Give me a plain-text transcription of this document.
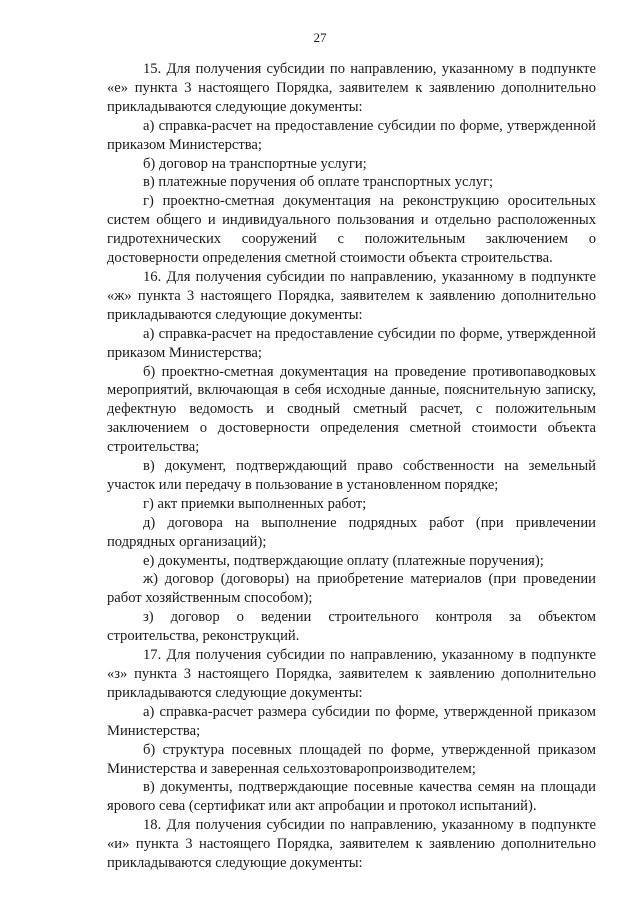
27

15. Для получения субсидии по направлению, указанному в подпункте «е» пункта 3 настоящего Порядка, заявителем к заявлению дополнительно прикладываются следующие документы:

а) справка-расчет на предоставление субсидии по форме, утвержденной приказом Министерства;

б) договор на транспортные услуги;

в) платежные поручения об оплате транспортных услуг;

г) проектно-сметная документация на реконструкцию оросительных систем общего и индивидуального пользования и отдельно расположенных гидротехнических сооружений с положительным заключением о достоверности определения сметной стоимости объекта строительства.

16. Для получения субсидии по направлению, указанному в подпункте «ж» пункта 3 настоящего Порядка, заявителем к заявлению дополнительно прикладываются следующие документы:

а) справка-расчет на предоставление субсидии по форме, утвержденной приказом Министерства;

б) проектно-сметная документация на проведение противопаводковых мероприятий, включающая в себя исходные данные, пояснительную записку, дефектную ведомость и сводный сметный расчет, с положительным заключением о достоверности определения сметной стоимости объекта строительства;

в) документ, подтверждающий право собственности на земельный участок или передачу в пользование в установленном порядке;

г) акт приемки выполненных работ;

д) договора на выполнение подрядных работ (при привлечении подрядных организаций);

е) документы, подтверждающие оплату (платежные поручения);

ж) договор (договоры) на приобретение материалов (при проведении работ хозяйственным способом);

з) договор о ведении строительного контроля за объектом строительства, реконструкций.

17. Для получения субсидии по направлению, указанному в подпункте «з» пункта 3 настоящего Порядка, заявителем к заявлению дополнительно прикладываются следующие документы:

а) справка-расчет размера субсидии по форме, утвержденной приказом Министерства;

б) структура посевных площадей по форме, утвержденной приказом Министерства и заверенная сельхозтоваропроизводителем;

в) документы, подтверждающие посевные качества семян на площади ярового сева (сертификат или акт апробации и протокол испытаний).

18. Для получения субсидии по направлению, указанному в подпункте «и» пункта 3 настоящего Порядка, заявителем к заявлению дополнительно прикладываются следующие документы:
